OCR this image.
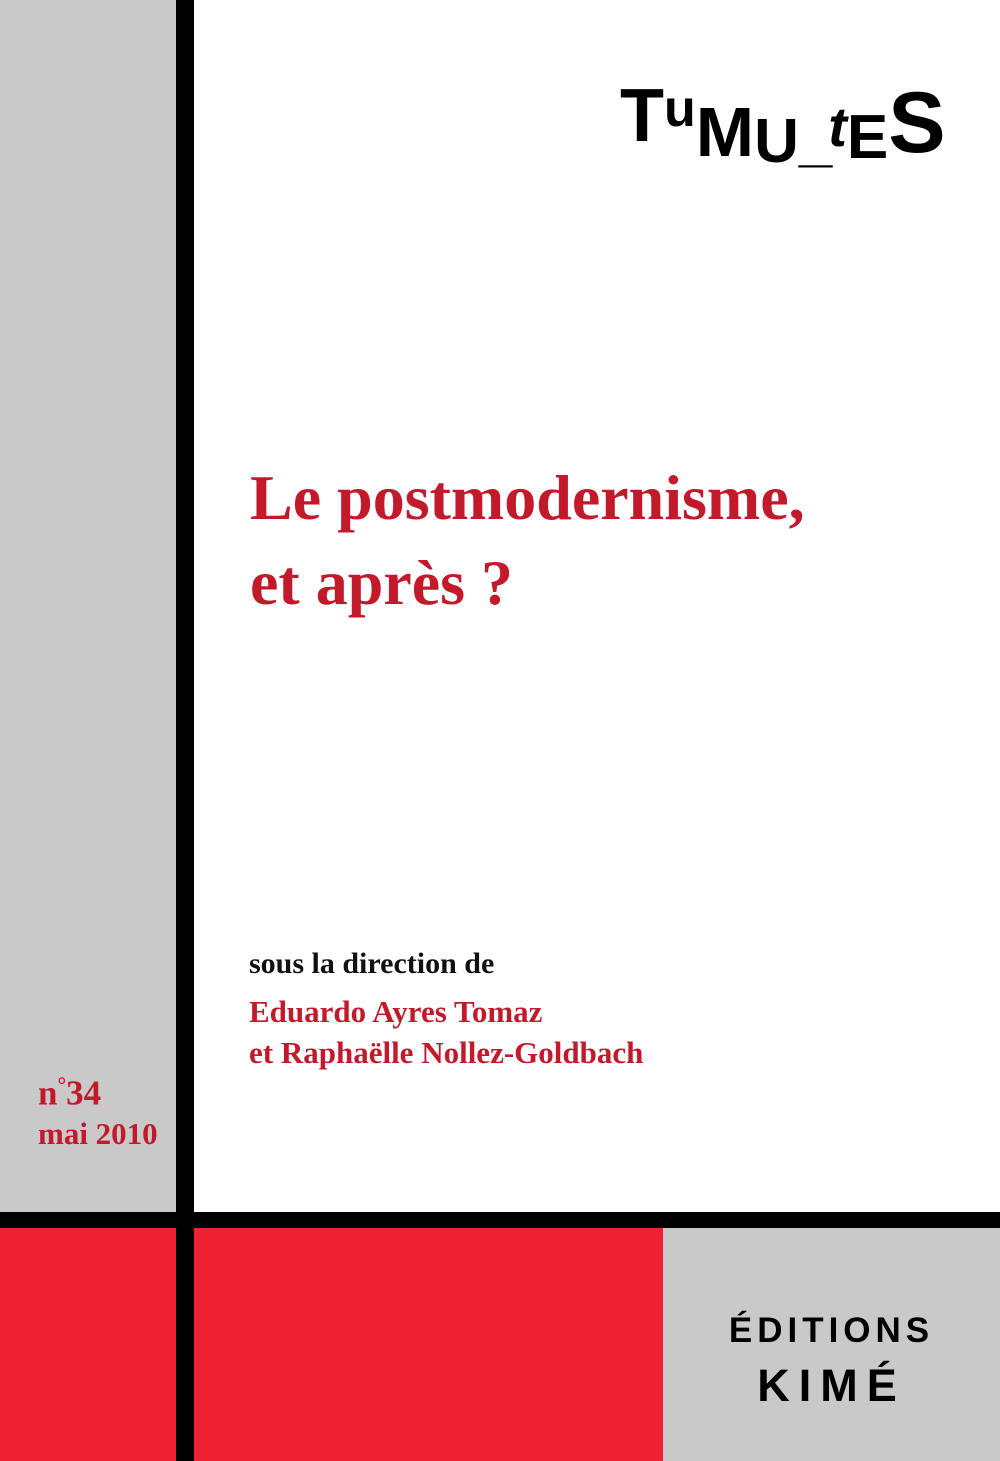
TuMU_tES
Le postmodernisme,
et après ?

sous la direction de

Eduardo Ayres Tomaz

et Raphaëlle Nollez-Goldbach

n°34

mai 2010

ÉDITIONS

KIMÉ
